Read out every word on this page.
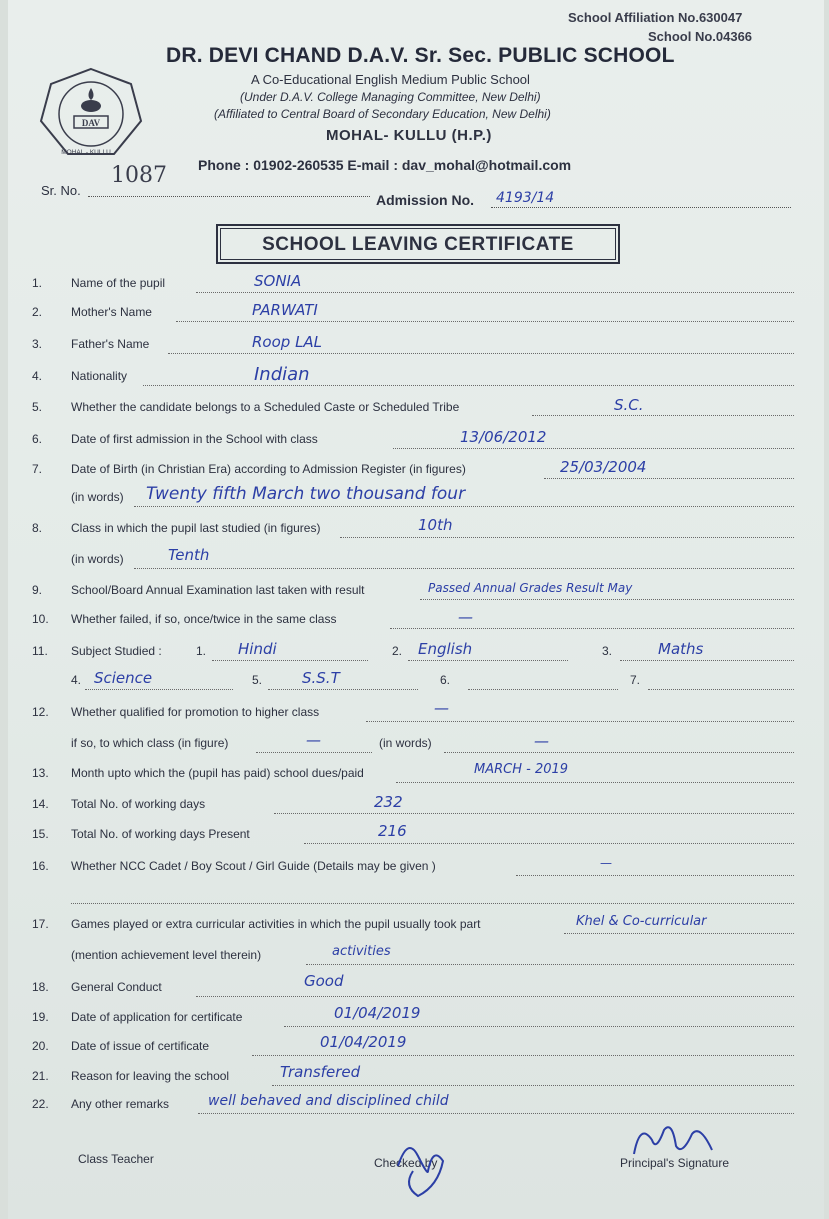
School Affiliation No.630047
School No.04366
DAV
MOHAL - KULLU
DR. DEVI CHAND D.A.V. Sr. Sec. PUBLIC SCHOOL
A Co-Educational English Medium Public School
(Under D.A.V. College Managing Committee, New Delhi)
(Affiliated to Central Board of Secondary Education, New Delhi)
MOHAL- KULLU (H.P.)
Phone : 01902-260535 E-mail : dav_mohal@hotmail.com
1087
Sr. No.
Admission No. 4193/14
SCHOOL LEAVING CERTIFICATE
1.	Name of the pupil	SONIA
2.	Mother's Name	PARWATI
3.	Father's Name	Roop LAL
4.	Nationality	Indian
5.	Whether the candidate belongs to a Scheduled Caste or Scheduled Tribe	S.C.
6.	Date of first admission in the School with class	13/06/2012
7.	Date of Birth (in Christian Era) according to Admission Register (in figures)	25/03/2004
(in words) Twenty fifth March two thousand four
8.	Class in which the pupil last studied (in figures)	10th
(in words)	Tenth
9.	School/Board Annual Examination last taken with result	Passed Annual Grades Result May
10.	Whether failed, if so, once/twice in the same class	—
11.	Subject Studied :	1. Hindi	2. English	3.	Maths
4. Science	5.	S.S.T	6.	7.
12.	Whether qualified for promotion to higher class	—
if so, to which class (in figure)	—	(in words)	—
13.	Month upto which the (pupil has paid) school dues/paid	MARCH - 2019
14.	Total No. of working days	232
15.	Total No. of working days Present	216
16.	Whether NCC Cadet / Boy Scout / Girl Guide (Details may be given )	—
17.	Games played or extra curricular activities in which the pupil usually took part	Khel & Co-curricular
(mention achievement level therein)	activities
18.	General Conduct	Good
19.	Date of application for certificate	01/04/2019
20.	Date of issue of certificate	01/04/2019
21.	Reason for leaving the school	Transfered
22.	Any other remarks	well behaved and disciplined child
Class Teacher	Checked by	Principal's Signature
